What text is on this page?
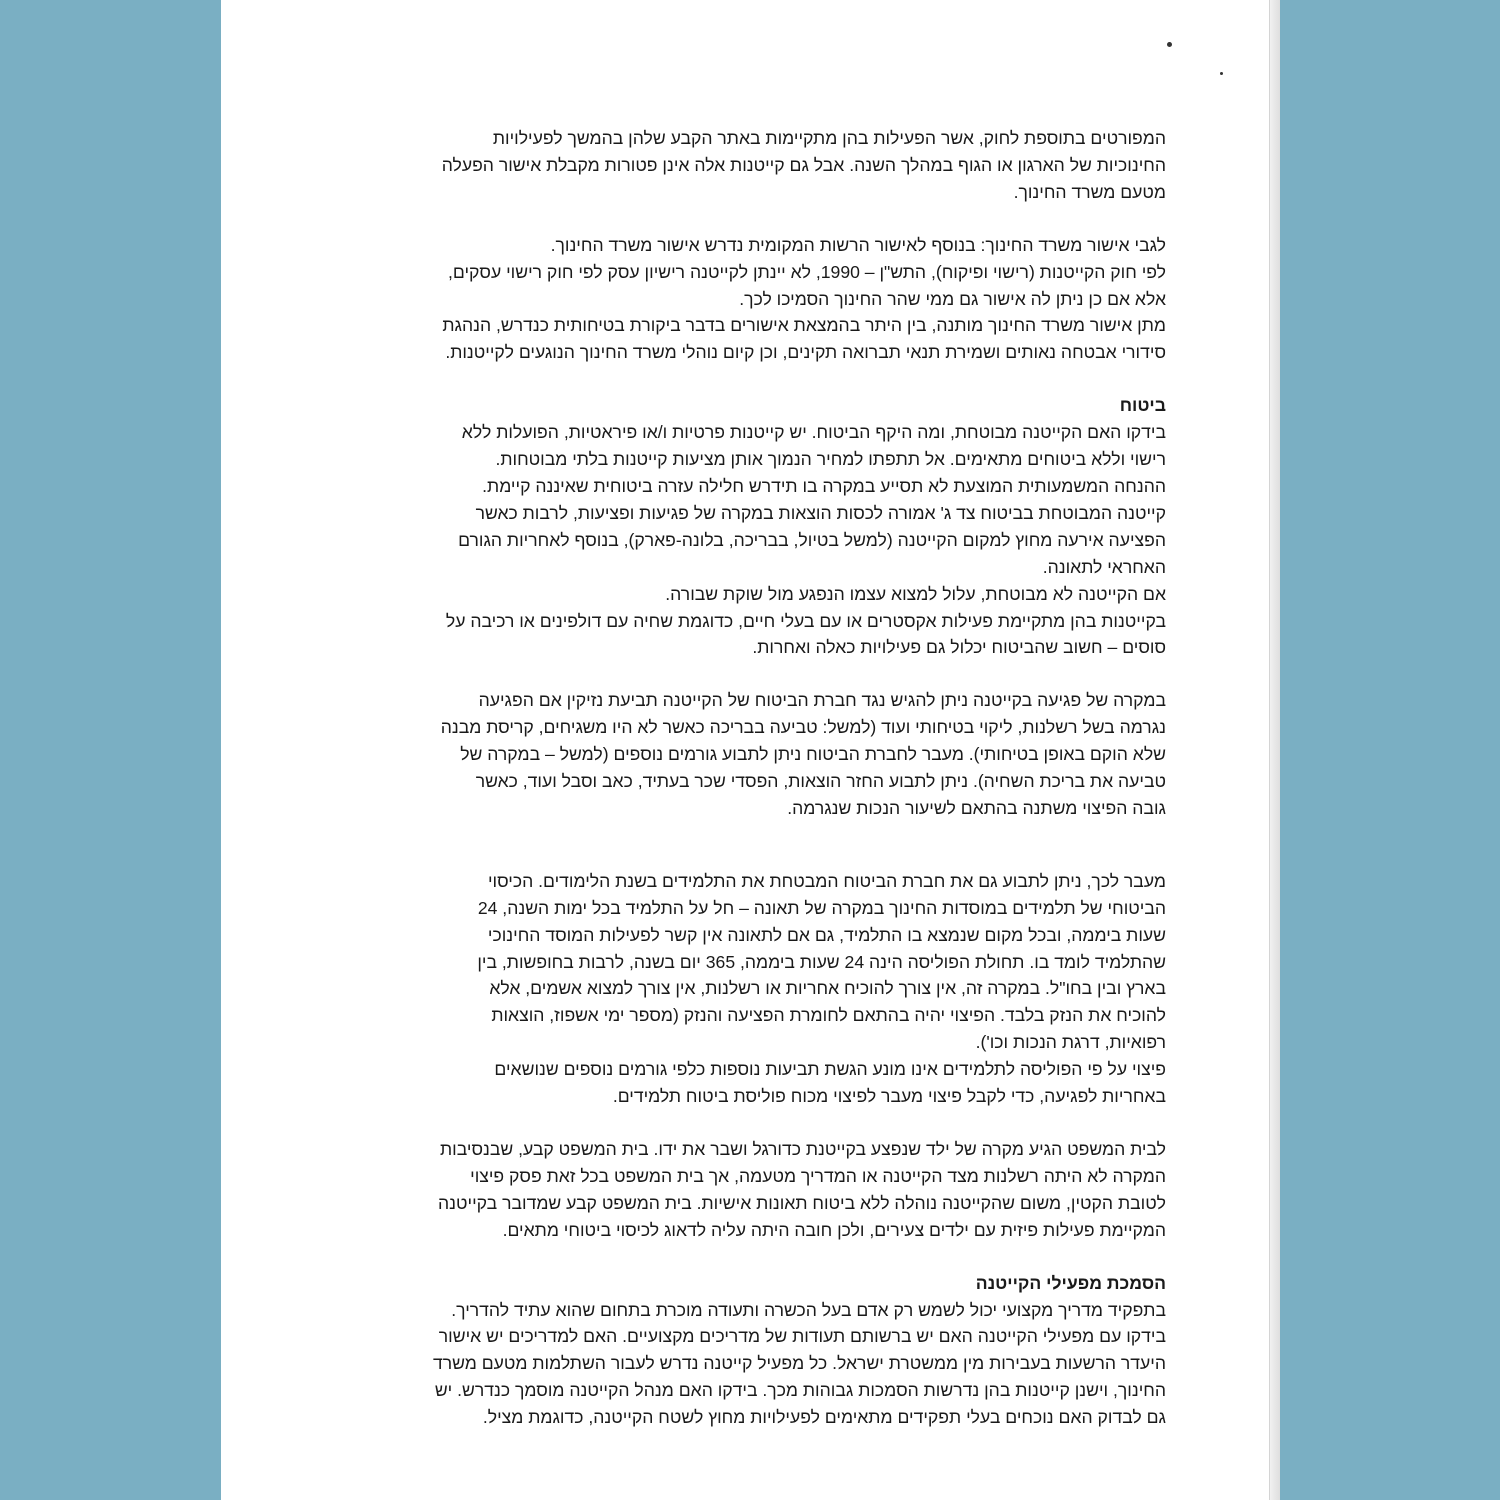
המפורטים בתוספת לחוק, אשר הפעילות בהן מתקיימות באתר הקבע שלהן בהמשך לפעילויות

החינוכיות של הארגון או הגוף במהלך השנה. אבל גם קייטנות אלה אינן פטורות מקבלת אישור הפעלה

מטעם משרד החינוך.

לגבי אישור משרד החינוך: בנוסף לאישור הרשות המקומית נדרש אישור משרד החינוך.

לפי חוק הקייטנות (רישוי ופיקוח), התש"ן – 1990, לא יינתן לקייטנה רישיון עסק לפי חוק רישוי עסקים,

אלא אם כן ניתן לה אישור גם ממי שהר החינוך הסמיכו לכך.

מתן אישור משרד החינוך מותנה, בין היתר בהמצאת אישורים בדבר ביקורת בטיחותית כנדרש, הנהגת

סידורי אבטחה נאותים ושמירת תנאי תברואה תקינים, וכן קיום נוהלי משרד החינוך הנוגעים לקייטנות.

ביטוח

בידקו האם הקייטנה מבוטחת, ומה היקף הביטוח. יש קייטנות פרטיות ו/או פיראטיות, הפועלות ללא

רישוי וללא ביטוחים מתאימים. אל תתפתו למחיר הנמוך אותן מציעות קייטנות בלתי מבוטחות.

ההנחה המשמעותית המוצעת לא תסייע במקרה בו תידרש חלילה עזרה ביטוחית שאיננה קיימת.

קייטנה המבוטחת בביטוח צד ג' אמורה לכסות הוצאות במקרה של פגיעות ופציעות, לרבות כאשר

הפציעה אירעה מחוץ למקום הקייטנה (למשל בטיול, בבריכה, בלונה-פארק), בנוסף לאחריות הגורם

האחראי לתאונה.

אם הקייטנה לא מבוטחת, עלול למצוא עצמו הנפגע מול שוקת שבורה.

בקייטנות בהן מתקיימת פעילות אקסטרים או עם בעלי חיים, כדוגמת שחיה עם דולפינים או רכיבה על

סוסים – חשוב שהביטוח יכלול גם פעילויות כאלה ואחרות.

במקרה של פגיעה בקייטנה ניתן להגיש נגד חברת הביטוח של הקייטנה תביעת נזיקין אם הפגיעה

נגרמה בשל רשלנות, ליקוי בטיחותי ועוד (למשל: טביעה בבריכה כאשר לא היו משגיחים, קריסת מבנה

שלא הוקם באופן בטיחותי). מעבר לחברת הביטוח ניתן לתבוע גורמים נוספים (למשל – במקרה של

טביעה את בריכת השחיה). ניתן לתבוע החזר הוצאות, הפסדי שכר בעתיד, כאב וסבל ועוד, כאשר

גובה הפיצוי משתנה בהתאם לשיעור הנכות שנגרמה.

מעבר לכך, ניתן לתבוע גם את חברת הביטוח המבטחת את התלמידים בשנת הלימודים. הכיסוי

הביטוחי של תלמידים במוסדות החינוך במקרה של תאונה – חל על התלמיד בכל ימות השנה, 24

שעות ביממה, ובכל מקום שנמצא בו התלמיד, גם אם לתאונה אין קשר לפעילות המוסד החינוכי

שהתלמיד לומד בו. תחולת הפוליסה הינה 24 שעות ביממה, 365 יום בשנה, לרבות בחופשות, בין

בארץ ובין בחו"ל. במקרה זה, אין צורך להוכיח אחריות או רשלנות, אין צורך למצוא אשמים, אלא

להוכיח את הנזק בלבד. הפיצוי יהיה בהתאם לחומרת הפציעה והנזק (מספר ימי אשפוז, הוצאות

רפואיות, דרגת הנכות וכו').

פיצוי על פי הפוליסה לתלמידים אינו מונע הגשת תביעות נוספות כלפי גורמים נוספים שנושאים

באחריות לפגיעה, כדי לקבל פיצוי מעבר לפיצוי מכוח פוליסת ביטוח תלמידים.

לבית המשפט הגיע מקרה של ילד שנפצע בקייטנת כדורגל ושבר את ידו. בית המשפט קבע, שבנסיבות

המקרה לא היתה רשלנות מצד הקייטנה או המדריך מטעמה, אך בית המשפט בכל זאת פסק פיצוי

לטובת הקטין, משום שהקייטנה נוהלה ללא ביטוח תאונות אישיות. בית המשפט קבע שמדובר בקייטנה

המקיימת פעילות פיזית עם ילדים צעירים, ולכן חובה היתה עליה לדאוג לכיסוי ביטוחי מתאים.

הסמכת מפעילי הקייטנה

בתפקיד מדריך מקצועי יכול לשמש רק אדם בעל הכשרה ותעודה מוכרת בתחום שהוא עתיד להדריך.

בידקו עם מפעילי הקייטנה האם יש ברשותם תעודות של מדריכים מקצועיים. האם למדריכים יש אישור

היעדר הרשעות בעבירות מין ממשטרת ישראל. כל מפעיל קייטנה נדרש לעבור השתלמות מטעם משרד

החינוך, וישנן קייטנות בהן נדרשות הסמכות גבוהות מכך. בידקו האם מנהל הקייטנה מוסמך כנדרש. יש

גם לבדוק האם נוכחים בעלי תפקידים מתאימים לפעילויות מחוץ לשטח הקייטנה, כדוגמת מציל.
